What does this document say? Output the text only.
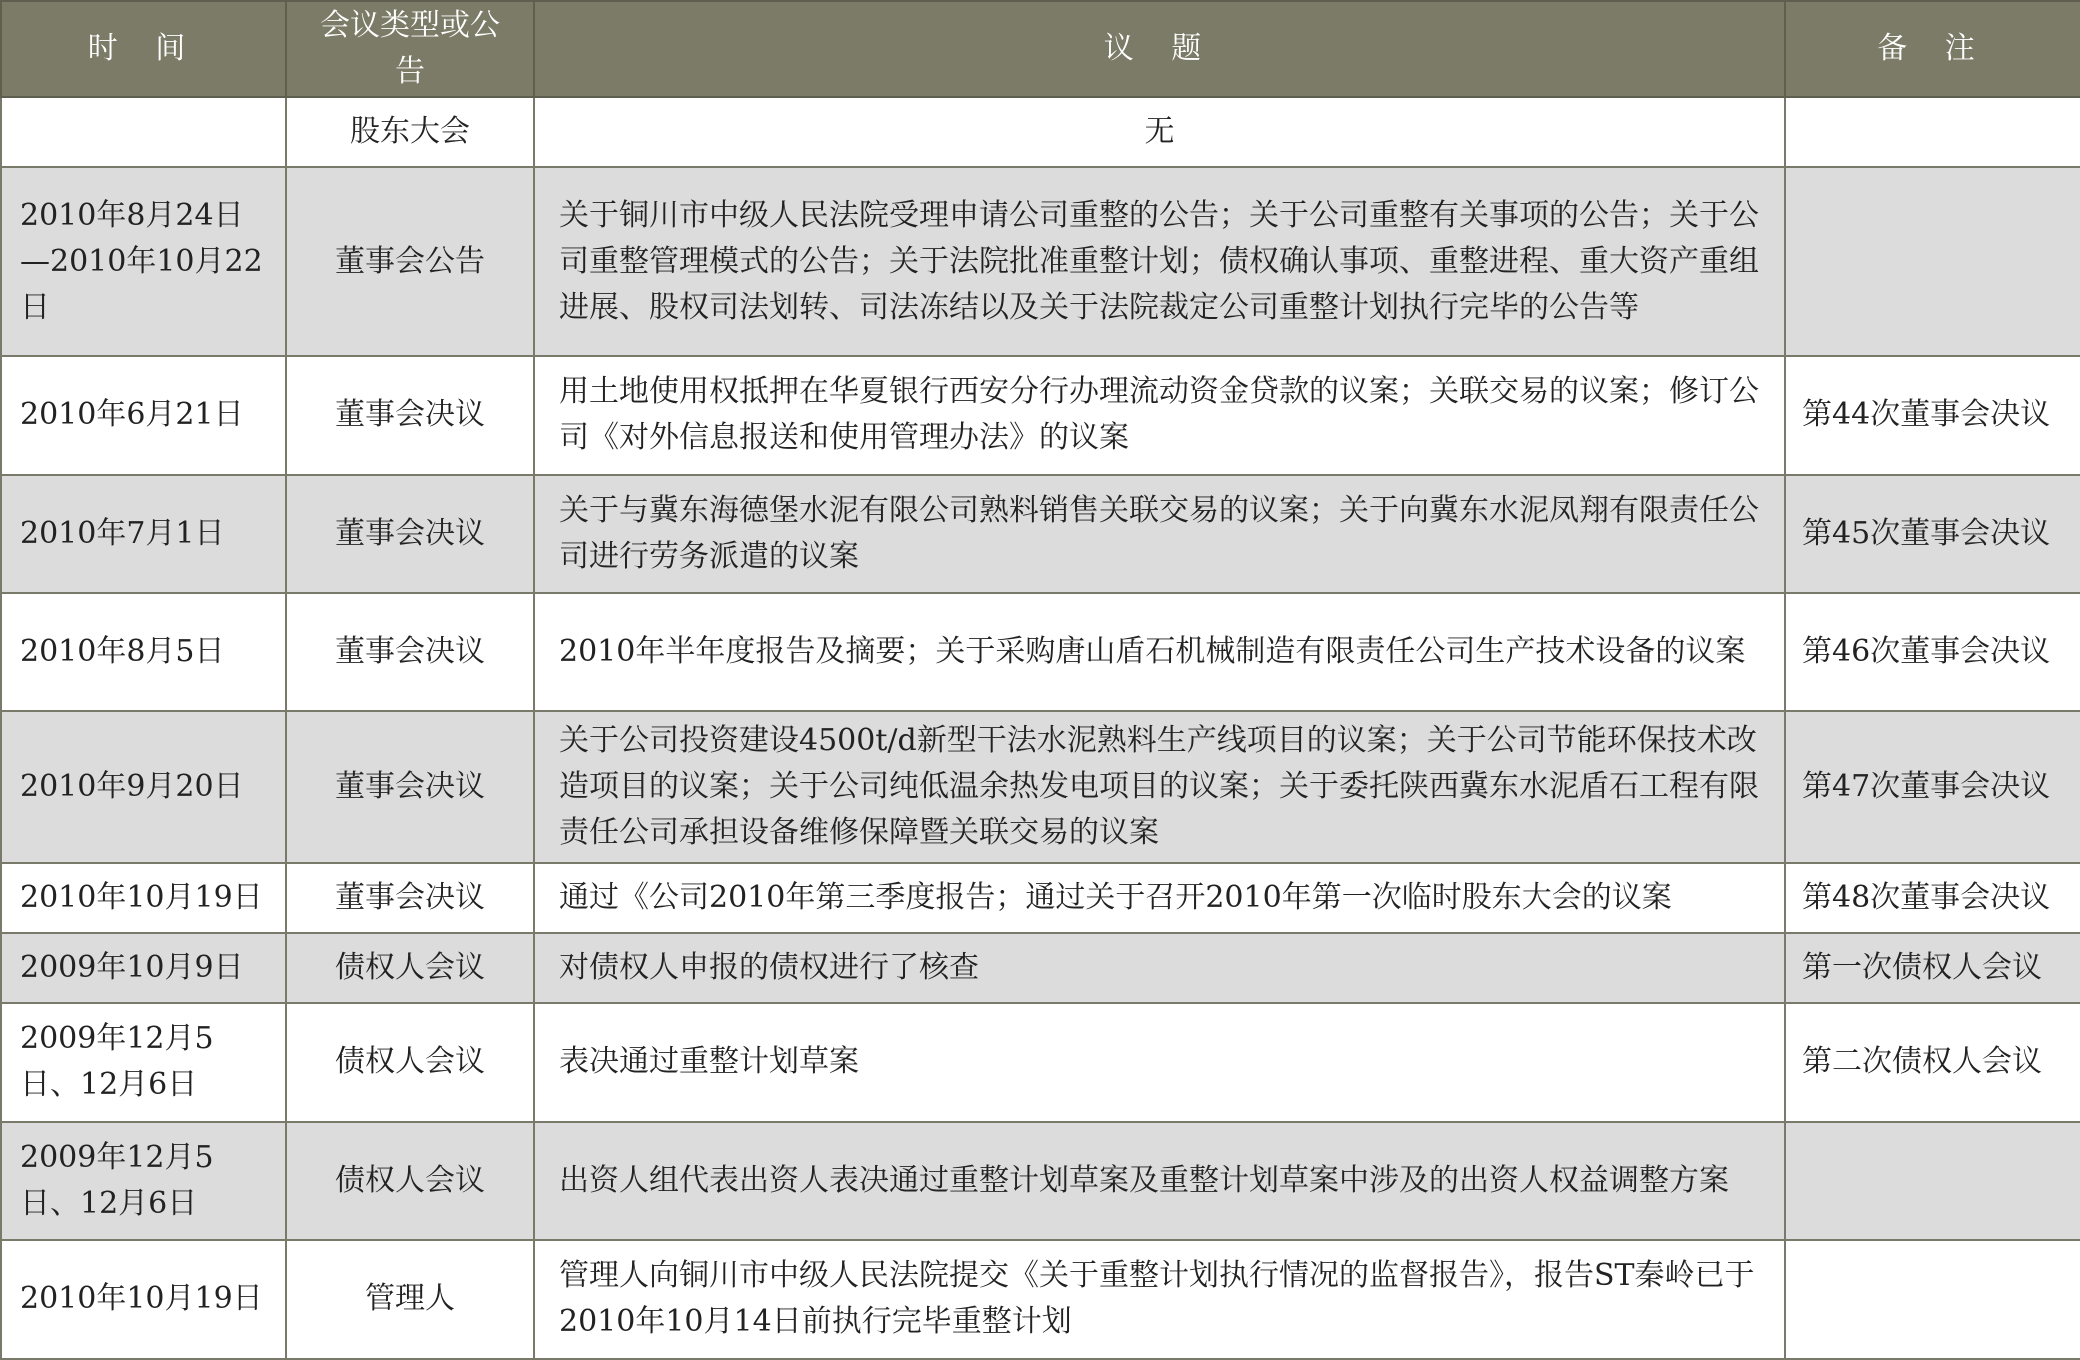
时 间	会议类型或公告	议 题	备 注
	股东大会	无	
2010年8月24日—2010年10月22日	董事会公告	关于铜川市中级人民法院受理申请公司重整的公告；关于公司重整有关事项的公告；关于公司重整管理模式的公告；关于法院批准重整计划；债权确认事项、重整进程、重大资产重组进展、股权司法划转、司法冻结以及关于法院裁定公司重整计划执行完毕的公告等	
2010年6月21日	董事会决议	用土地使用权抵押在华夏银行西安分行办理流动资金贷款的议案；关联交易的议案；修订公司《对外信息报送和使用管理办法》的议案	第44次董事会决议
2010年7月1日	董事会决议	关于与冀东海德堡水泥有限公司熟料销售关联交易的议案；关于向冀东水泥凤翔有限责任公司进行劳务派遣的议案	第45次董事会决议
2010年8月5日	董事会决议	2010年半年度报告及摘要；关于采购唐山盾石机械制造有限责任公司生产技术设备的议案	第46次董事会决议
2010年9月20日	董事会决议	关于公司投资建设4500t/d新型干法水泥熟料生产线项目的议案；关于公司节能环保技术改造项目的议案；关于公司纯低温余热发电项目的议案；关于委托陕西冀东水泥盾石工程有限责任公司承担设备维修保障暨关联交易的议案	第47次董事会决议
2010年10月19日	董事会决议	通过《公司2010年第三季度报告；通过关于召开2010年第一次临时股东大会的议案	第48次董事会决议
2009年10月9日	债权人会议	对债权人申报的债权进行了核查	第一次债权人会议
2009年12月5日、12月6日	债权人会议	表决通过重整计划草案	第二次债权人会议
2009年12月5日、12月6日	债权人会议	出资人组代表出资人表决通过重整计划草案及重整计划草案中涉及的出资人权益调整方案	
2010年10月19日	管理人	管理人向铜川市中级人民法院提交《关于重整计划执行情况的监督报告》，报告ST秦岭已于2010年10月14日前执行完毕重整计划	
